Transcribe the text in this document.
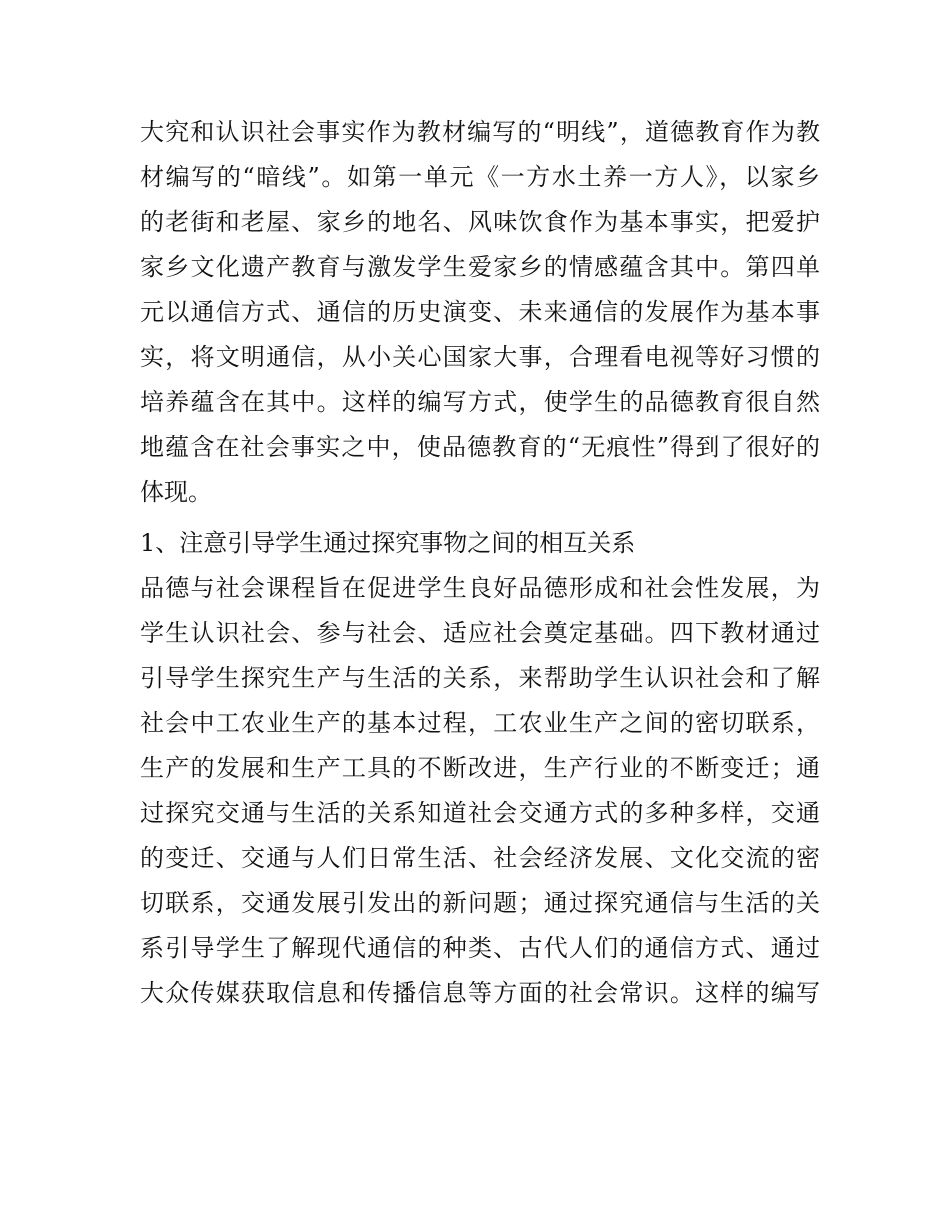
大究和认识社会事实作为教材编写的“明线”，道德教育作为教
材编写的“暗线”。如第一单元《一方水土养一方人》，以家乡
的老街和老屋、家乡的地名、风味饮食作为基本事实，把爱护
家乡文化遗产教育与激发学生爱家乡的情感蕴含其中。第四单
元以通信方式、通信的历史演变、未来通信的发展作为基本事
实，将文明通信，从小关心国家大事，合理看电视等好习惯的
培养蕴含在其中。这样的编写方式，使学生的品德教育很自然
地蕴含在社会事实之中，使品德教育的“无痕性”得到了很好的
体现。
1、注意引导学生通过探究事物之间的相互关系
品德与社会课程旨在促进学生良好品德形成和社会性发展，为
学生认识社会、参与社会、适应社会奠定基础。四下教材通过
引导学生探究生产与生活的关系，来帮助学生认识社会和了解
社会中工农业生产的基本过程，工农业生产之间的密切联系，
生产的发展和生产工具的不断改进，生产行业的不断变迁；通
过探究交通与生活的关系知道社会交通方式的多种多样，交通
的变迁、交通与人们日常生活、社会经济发展、文化交流的密
切联系，交通发展引发出的新问题；通过探究通信与生活的关
系引导学生了解现代通信的种类、古代人们的通信方式、通过
大众传媒获取信息和传播信息等方面的社会常识。这样的编写
